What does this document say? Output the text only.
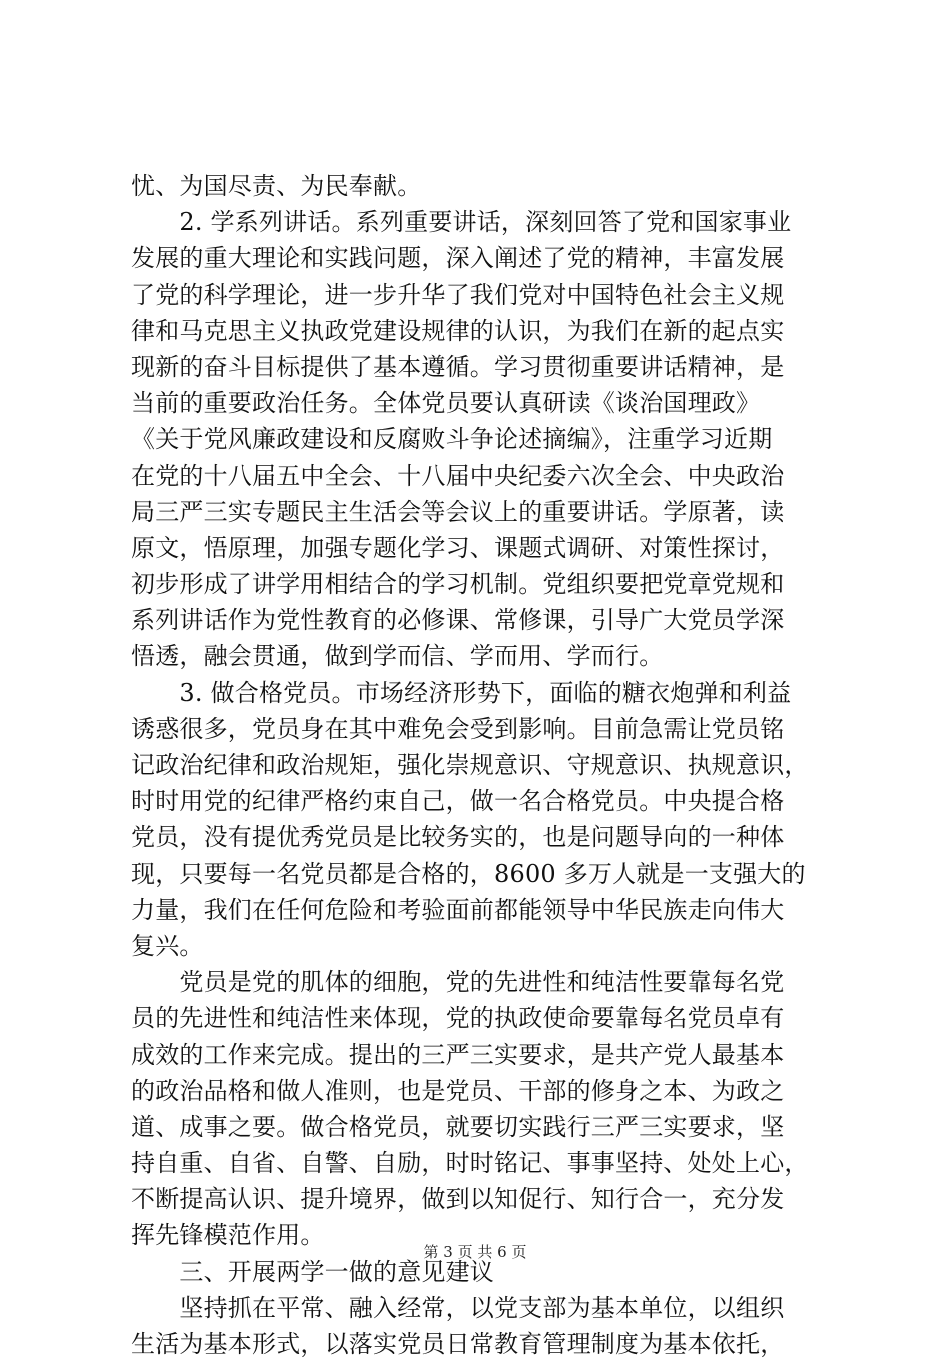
忧、为国尽责、为民奉献。
　　2. 学系列讲话。系列重要讲话，深刻回答了党和国家事业
发展的重大理论和实践问题，深入阐述了党的精神，丰富发展
了党的科学理论，进一步升华了我们党对中国特色社会主义规
律和马克思主义执政党建设规律的认识，为我们在新的起点实
现新的奋斗目标提供了基本遵循。学习贯彻重要讲话精神，是
当前的重要政治任务。全体党员要认真研读《谈治国理政》
《关于党风廉政建设和反腐败斗争论述摘编》，注重学习近期
在党的十八届五中全会、十八届中央纪委六次全会、中央政治
局三严三实专题民主生活会等会议上的重要讲话。学原著，读
原文，悟原理，加强专题化学习、课题式调研、对策性探讨，
初步形成了讲学用相结合的学习机制。党组织要把党章党规和
系列讲话作为党性教育的必修课、常修课，引导广大党员学深
悟透，融会贯通，做到学而信、学而用、学而行。
　　3. 做合格党员。市场经济形势下，面临的糖衣炮弹和利益
诱惑很多，党员身在其中难免会受到影响。目前急需让党员铭
记政治纪律和政治规矩，强化崇规意识、守规意识、执规意识，
时时用党的纪律严格约束自己，做一名合格党员。中央提合格
党员，没有提优秀党员是比较务实的，也是问题导向的一种体
现，只要每一名党员都是合格的，8600 多万人就是一支强大的
力量，我们在任何危险和考验面前都能领导中华民族走向伟大
复兴。
　　党员是党的肌体的细胞，党的先进性和纯洁性要靠每名党
员的先进性和纯洁性来体现，党的执政使命要靠每名党员卓有
成效的工作来完成。提出的三严三实要求，是共产党人最基本
的政治品格和做人准则，也是党员、干部的修身之本、为政之
道、成事之要。做合格党员，就要切实践行三严三实要求，坚
持自重、自省、自警、自励，时时铭记、事事坚持、处处上心，
不断提高认识、提升境界，做到以知促行、知行合一，充分发
挥先锋模范作用。
　　三、开展两学一做的意见建议
　　坚持抓在平常、融入经常，以党支部为基本单位，以组织
生活为基本形式，以落实党员日常教育管理制度为基本依托，
第 3 页 共 6 页
